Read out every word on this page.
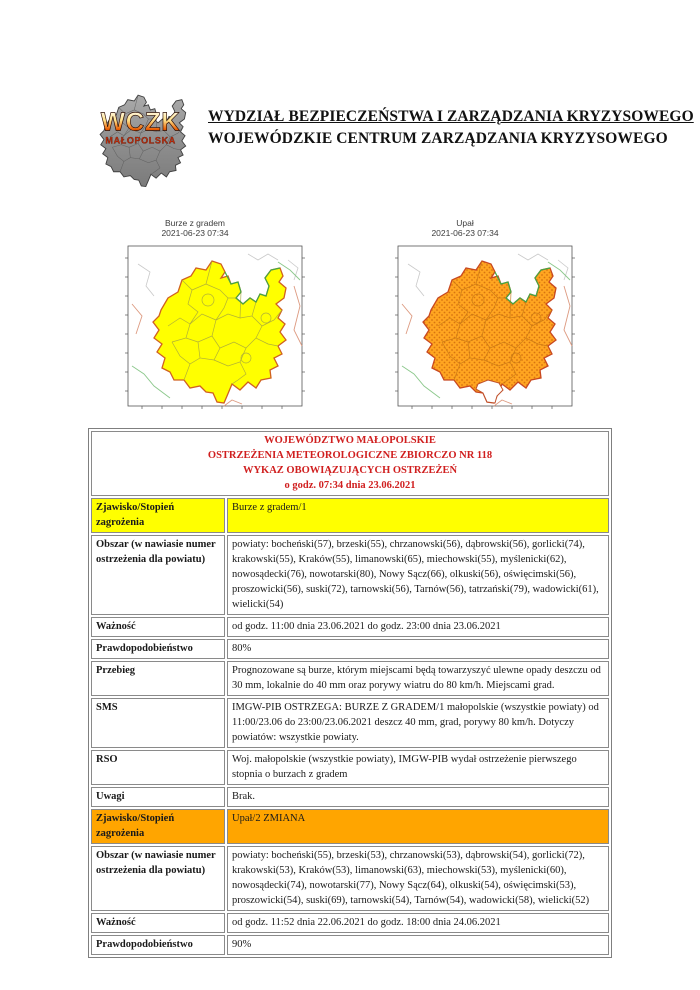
WCZK
MAŁOPOLSKA
WYDZIAŁ BEZPIECZEŃSTWA I ZARZĄDZANIA KRYZYSOWEGO
WOJEWÓDZKIE CENTRUM ZARZĄDZANIA KRYZYSOWEGO
Burze z gradem
2021-06-23 07:34
Upał
2021-06-23 07:34
WOJEWÓDZTWO MAŁOPOLSKIE
OSTRZEŻENIA METEOROLOGICZNE ZBIORCZO NR 118
WYKAZ OBOWIĄZUJĄCYCH OSTRZEŻEŃ
o godz. 07:34 dnia 23.06.2021	

Zjawisko/Stopień zagrożenia	Burze z gradem/1
Obszar (w nawiasie numer ostrzeżenia dla powiatu)	powiaty: bocheński(57), brzeski(55), chrzanowski(56), dąbrowski(56), gorlicki(74), krakowski(55), Kraków(55), limanowski(65), miechowski(55), myślenicki(62), nowosądecki(76), nowotarski(80), Nowy Sącz(66), olkuski(56), oświęcimski(56), proszowicki(56), suski(72), tarnowski(56), Tarnów(56), tatrzański(79), wadowicki(61), wielicki(54)
Ważność	od godz. 11:00 dnia 23.06.2021 do godz. 23:00 dnia 23.06.2021
Prawdopodobieństwo	80%
Przebieg	Prognozowane są burze, którym miejscami będą towarzyszyć ulewne opady deszczu od 30 mm, lokalnie do 40 mm oraz porywy wiatru do 80 km/h. Miejscami grad.
SMS	IMGW-PIB OSTRZEGA: BURZE Z GRADEM/1 małopolskie (wszystkie powiaty) od 11:00/23.06 do 23:00/23.06.2021 deszcz 40 mm, grad, porywy 80 km/h. Dotyczy powiatów: wszystkie powiaty.
RSO	Woj. małopolskie (wszystkie powiaty), IMGW-PIB wydał ostrzeżenie pierwszego stopnia o burzach z gradem
Uwagi	Brak.
Zjawisko/Stopień zagrożenia	Upał/2 ZMIANA
Obszar (w nawiasie numer ostrzeżenia dla powiatu)	powiaty: bocheński(55), brzeski(53), chrzanowski(53), dąbrowski(54), gorlicki(72), krakowski(53), Kraków(53), limanowski(63), miechowski(53), myślenicki(60), nowosądecki(74), nowotarski(77), Nowy Sącz(64), olkuski(54), oświęcimski(53), proszowicki(54), suski(69), tarnowski(54), Tarnów(54), wadowicki(58), wielicki(52)
Ważność	od godz. 11:52 dnia 22.06.2021 do godz. 18:00 dnia 24.06.2021
Prawdopodobieństwo	90%
